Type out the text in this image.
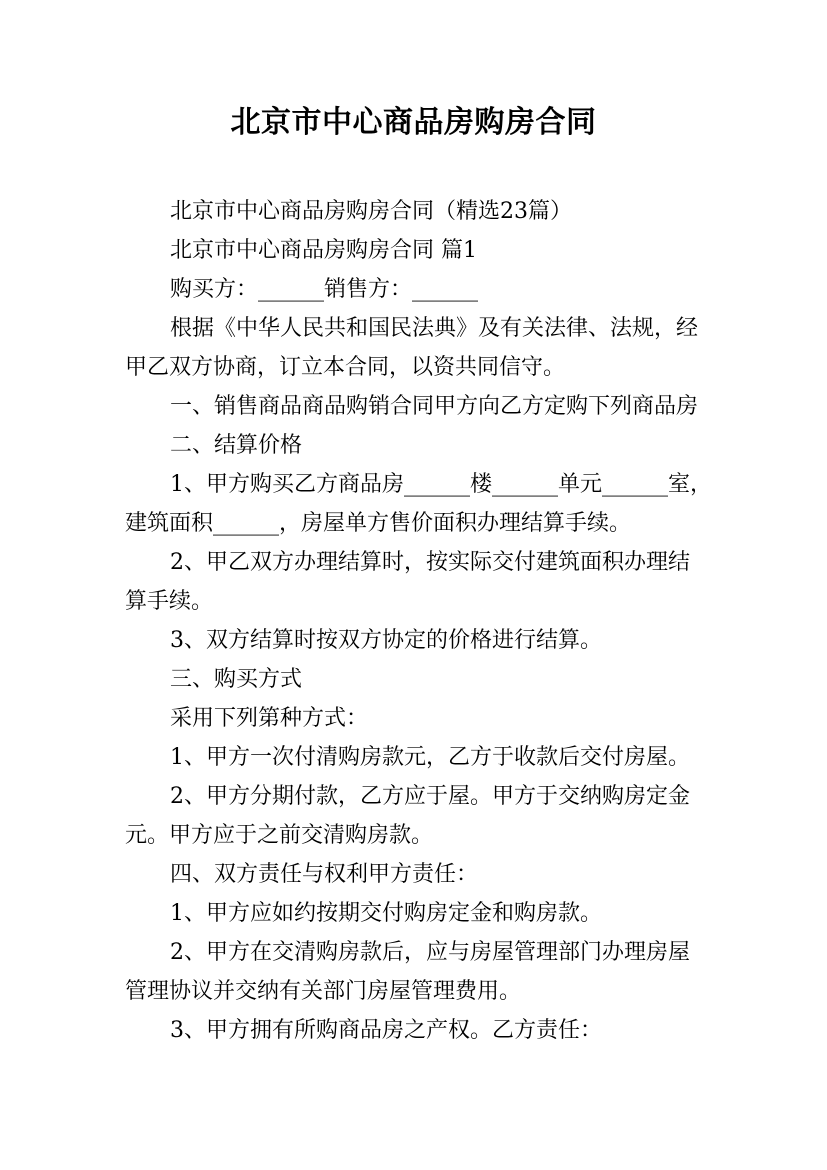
北京市中心商品房购房合同
北京市中心商品房购房合同（精选23篇）
北京市中心商品房购房合同 篇1
购买方：______销售方：______
根据《中华人民共和国民法典》及有关法律、法规，经
甲乙双方协商，订立本合同，以资共同信守。
一、销售商品商品购销合同甲方向乙方定购下列商品房
二、结算价格
1、甲方购买乙方商品房______楼______单元______室，
建筑面积______，房屋单方售价面积办理结算手续。
2、甲乙双方办理结算时，按实际交付建筑面积办理结
算手续。
3、双方结算时按双方协定的价格进行结算。
三、购买方式
采用下列第种方式：
1、甲方一次付清购房款元，乙方于收款后交付房屋。
2、甲方分期付款，乙方应于屋。甲方于交纳购房定金
元。甲方应于之前交清购房款。
四、双方责任与权利甲方责任：
1、甲方应如约按期交付购房定金和购房款。
2、甲方在交清购房款后，应与房屋管理部门办理房屋
管理协议并交纳有关部门房屋管理费用。
3、甲方拥有所购商品房之产权。乙方责任：
